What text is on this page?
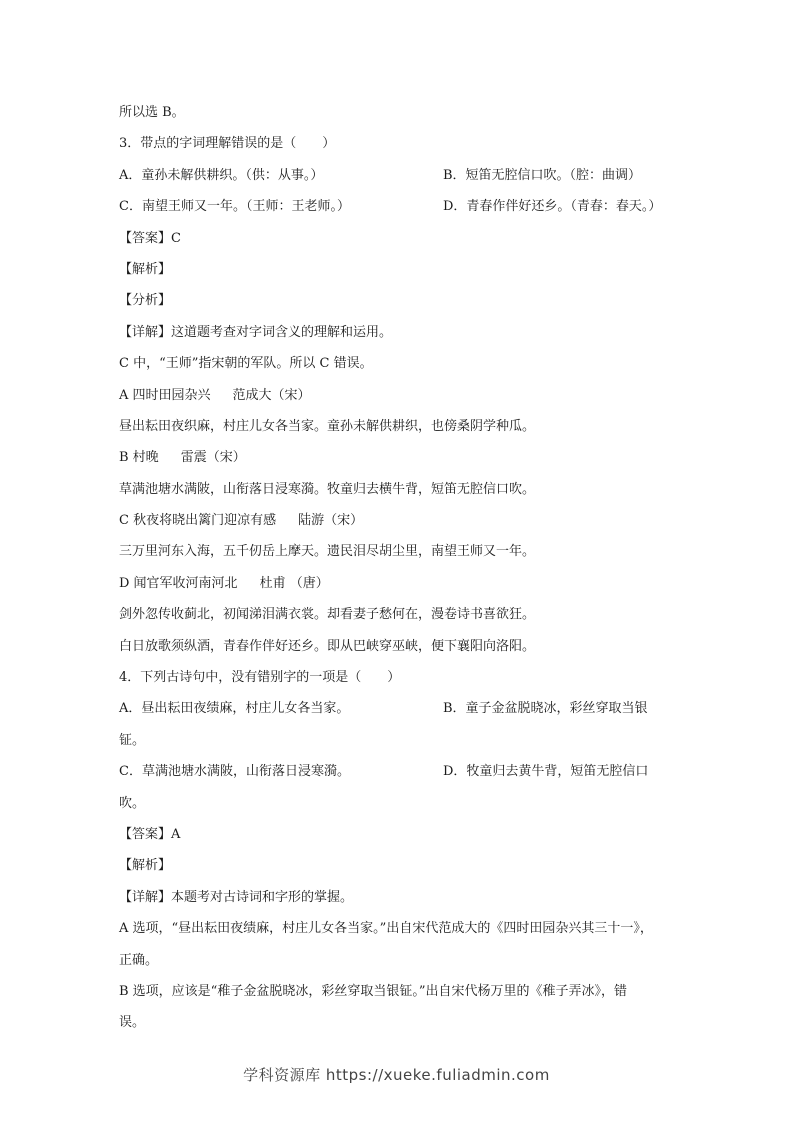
所以选 B。
3．带点的字词理解错误的是（　　）
A．童孙未解供耕织。（供：从事。）	B．短笛无腔信口吹。（腔：曲调）
C．南望王师又一年。（王师：王老师。）	D．青春作伴好还乡。（青春：春天。）
【答案】C
【解析】
【分析】
【详解】这道题考查对字词含义的理解和运用。
C 中，“王师”指宋朝的军队。所以 C 错误。
A 四时田园杂兴 范成大（宋）
昼出耘田夜织麻，村庄儿女各当家。童孙未解供耕织，也傍桑阴学种瓜。
B 村晚 雷震（宋）
草满池塘水满陂，山衔落日浸寒漪。牧童归去横牛背，短笛无腔信口吹。
C 秋夜将晓出篱门迎凉有感 陆游（宋）
三万里河东入海，五千仞岳上摩天。遗民泪尽胡尘里，南望王师又一年。
D 闻官军收河南河北 杜甫 （唐）
剑外忽传收蓟北，初闻涕泪满衣裳。却看妻子愁何在，漫卷诗书喜欲狂。
白日放歌须纵酒，青春作伴好还乡。即从巴峡穿巫峡，便下襄阳向洛阳。
4．下列古诗句中，没有错别字的一项是（　　）
A．昼出耘田夜绩麻，村庄儿女各当家。	B．童子金盆脱晓冰，彩丝穿取当银
钲。
C．草满池塘水满陂，山衔落日浸寒漪。	D．牧童归去黄牛背，短笛无腔信口
吹。
【答案】A
【解析】
【详解】本题考对古诗词和字形的掌握。
A 选项，“昼出耘田夜绩麻，村庄儿女各当家。”出自宋代范成大的《四时田园杂兴其三十一》，
正确。
B 选项，应该是“稚子金盆脱晓冰，彩丝穿取当银钲。”出自宋代杨万里的《稚子弄冰》，错
误。
学科资源库 https://xueke.fuliadmin.com
